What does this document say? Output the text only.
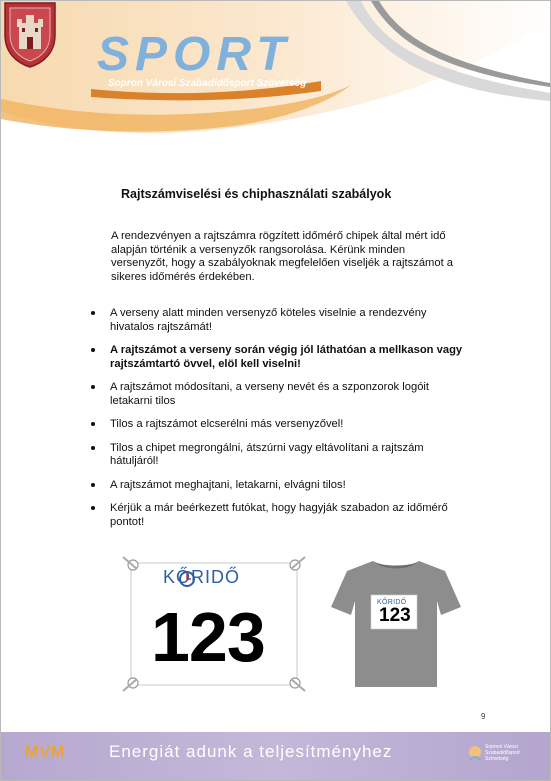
SPORT
Sopron Városi Szabadidősport Szövetség
Rajtszámviselési és chiphasználati szabályok

A rendezvényen a rajtszámra rögzített időmérő chipek által mért idő alapján történik a versenyzők rangsorolása. Kérünk minden versenyzőt, hogy a szabályoknak megfelelően viseljék a rajtszámot a sikeres időmérés érdekében.

A verseny alatt minden versenyző köteles viselnie a rendezvény hivatalos rajtszámát!
A rajtszámot a verseny során végig jól láthatóan a mellkason vagy rajtszámtartó övvel, elöl kell viselni!
A rajtszámot módosítani, a verseny nevét és a szponzorok logóit letakarni tilos
Tilos a rajtszámot elcserélni más versenyzővel!
Tilos a chipet megrongálni, átszúrni vagy eltávolítani a rajtszám hátuljáról!
A rajtszámot meghajtani, letakarni, elvágni tilos!
Kérjük a már beérkezett futókat, hogy hagyják szabadon az időmérő pontot!
KŐRIDŐ
123	KŐRIDŐ
123
9
MVM	Energiát adunk a teljesítményhez	Soproni Városi
Szabadidősport
Szövetség
